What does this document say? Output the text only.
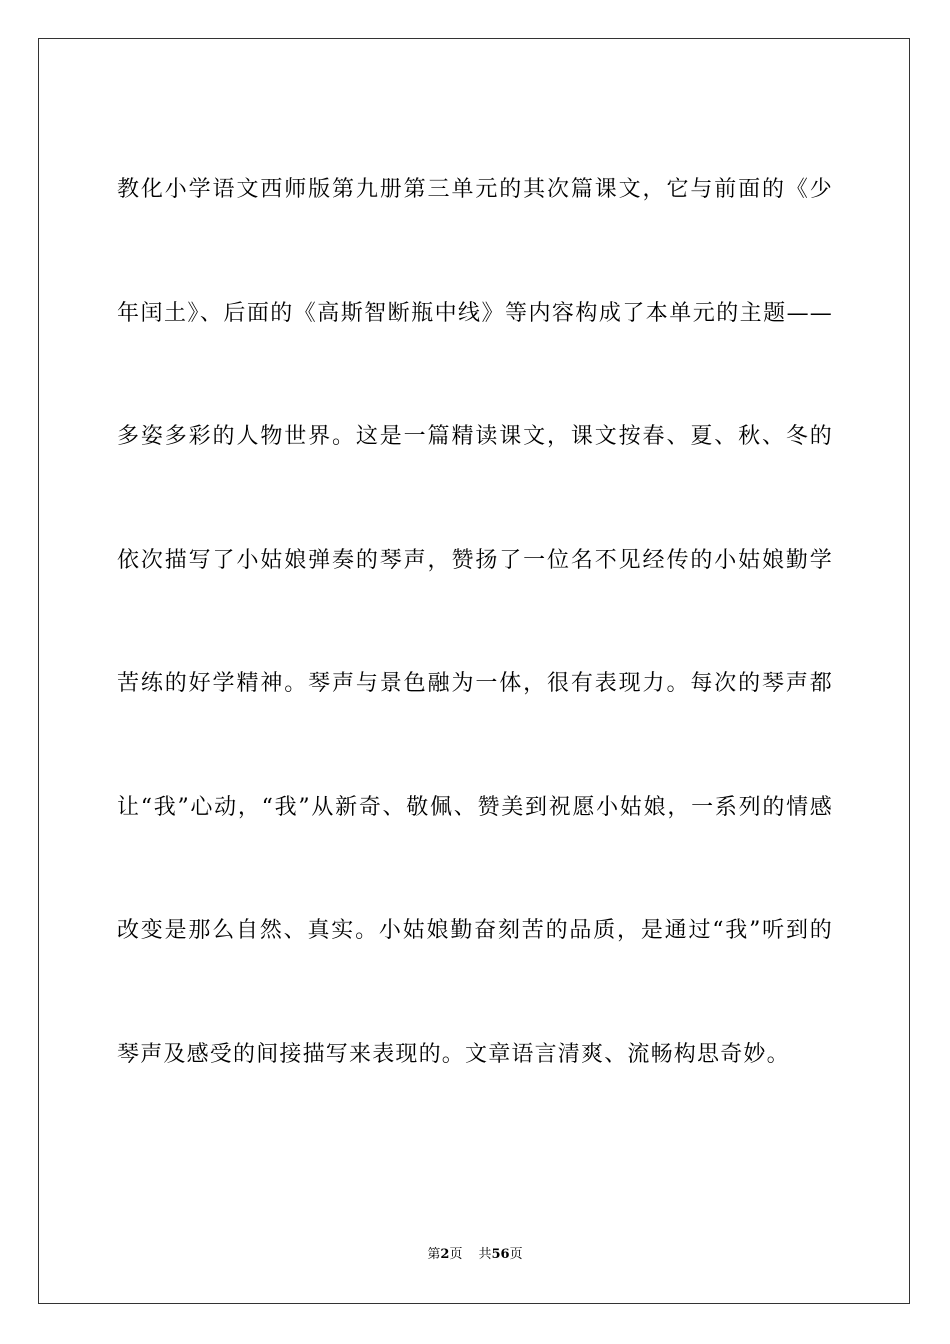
教化小学语文西师版第九册第三单元的其次篇课文，它与前面的《少年闰土》、后面的《高斯智断瓶中线》等内容构成了本单元的主题——多姿多彩的人物世界。这是一篇精读课文，课文按春、夏、秋、冬的依次描写了小姑娘弹奏的琴声，赞扬了一位名不见经传的小姑娘勤学苦练的好学精神。琴声与景色融为一体，很有表现力。每次的琴声都让“我”心动，“我”从新奇、敬佩、赞美到祝愿小姑娘，一系列的情感改变是那么自然、真实。小姑娘勤奋刻苦的品质，是通过“我”听到的琴声及感受的间接描写来表现的。文章语言清爽、流畅构思奇妙。

第2页 共56页
